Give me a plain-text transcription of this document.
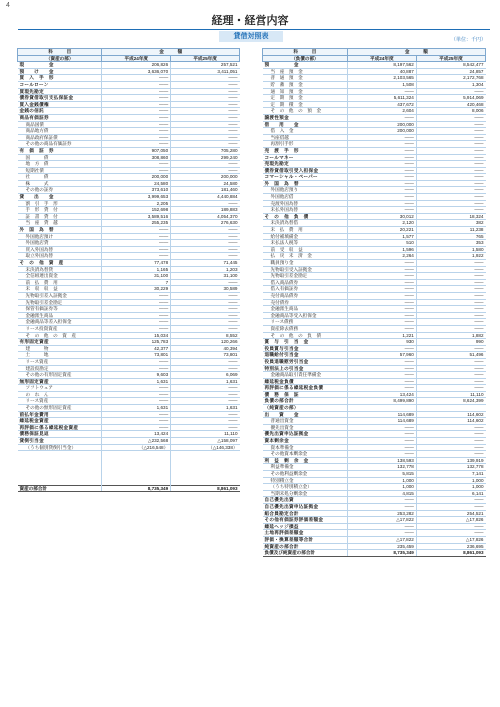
4
経理・経営内容
貸借対照表	（単位：千円）
科　　　目	金　　　額	
（資産の部）	平成24年度	平成25年度
現　　　　　金	206,826	257,521
預　　け　　金	3,636,070	3,411,051
買　入　手　形	――	――
コールローン	――	――
買現先勘定	――	――
債券貸借取引支払保証金	――	――
買入金銭債権	――	――
金銭の信託	――	――
商品有価証券	――	――
商品国債	――	――
商品地方債	――	――
商品政府保証債	――	――
その他の商品有価証券	――	――
有　価　証　券	907,050	705,280
国　　　債	308,860	299,240
地　方　債	――	――
短期社債	――	――
社　　　債	200,000	200,000
株　　　式	24,580	24,580
その他の証券	373,610	181,460
貸　　出　　金	3,999,653	4,440,884
割　引　手　形	2,205	――
手　形　貸　付	152,698	189,883
証　書　貸　付	3,589,516	4,054,370
当　座　貸　越	255,235	276,630
外　国　為　替	――	――
外国他店預け	――	――
外国他店貸	――	――
買入外国為替	――	――
取立外国為替	――	――
そ　の　他　資　産	77,478	71,445
未決済為替貸	1,165	1,203
全信組連出資金	31,100	31,100
前　払　費　用	7	――
未　収　収　益	30,229	30,589
先物取引差入証拠金	――	――
先物取引差金勘定	――	――
保管有価証券等	――	――
金融派生商品	――	――
金融商品等差入担保金	――	――
リース投資資産	――	――
そ　の　他　の　資　産	15,034	8,552
有形固定資産	125,783	120,266
建　　　物	42,377	40,394
土　　　地	73,801	73,801
リース資産	――	――
建設仮勘定	――	――
その他の有形固定資産	9,603	6,069
無形固定資産	1,631	1,631
ソフトウェア	――	――
の　れ　ん	――	――
リース資産	――	――
その他の無形固定資産	1,631	1,631
前払年金費用	――	――
繰延税金資産	――	――
再評価に係る繰延税金資産	――	――
債務保証見返	13,424	11,110
貸倒引当金	△232,568	△158,097
（うち個別貸倒引当金）	（△216,548）	（△146,338）

資産の部合計	8,735,349	8,861,093
科　　　目	金　　　額	
（負債の部）	平成24年度	平成25年度
預　　　　　金	8,197,562	8,542,477
当　座　預　金	40,887	24,857
普　通　預　金	2,103,565	2,172,768
貯　蓄　預　金	1,508	1,304
通　知　預　金	――	――
定　期　預　金	5,611,324	5,914,069
定　期　積　金	437,672	420,468
そ　の　他　の　預　金	2,604	8,006
譲渡性預金	――	――
借　　用　　金	200,000	――
借　入　金	200,000	――
当座借越	――	――
再割引手形	――	――
売　渡　手　形	――	――
コールマネー	――	――
売現先勘定	――	――
債券貸借取引受入担保金	――	――
コマーシャル・ペーパー	――	――
外　国　為　替	――	――
外国他店預り	――	――
外国他店借	――	――
売渡外国為替	――	――
未払外国為替	――	――
そ　の　他　負　債	30,012	18,324
未決済為替借	2,120	382
未　払　費　用	20,221	11,238
給付補填備金	1,577	765
未払法人税等	510	353
前　受　収　益	1,596	1,580
払　戻　未　済　金	2,264	1,922
職員預り金	――	――
先物取引受入証拠金	――	――
先物取引差金勘定	――	――
借入商品債券	――	――
借入有価証券	――	――
売付商品債券	――	――
売付債券	――	――
金融派生商品	――	――
金融商品等受入担保金	――	――
リース債務	――	――
資産除去債務	――	――
そ　の　他　の　負　債	1,221	1,882
賞　与　引　当　金	930	990
役員賞与引当金	――	――
退職給付引当金	57,960	51,496
役員退職慰労引当金	――	――
特別法上の引当金	――	――
金融商品取引責任準備金	――	――
繰延税金負債	――	――
再評価に係る繰延税金負債	――	――
債　務　保　証	13,424	11,110
負債の部合計	8,499,890	8,624,399
（純資産の部）		
出　　資　　金	114,689	114,602
普通出資金	114,689	114,602
優先出資金	――	――
優先出資申込証拠金	――	――
資本剰余金	――	――
資本準備金	――	――
その他資本剰余金	――	――
利　益　剰　余　金	138,593	139,919
利益準備金	132,778	132,778
その他利益剰余金	5,815	7,141
特別積立金	1,000	1,000
（うち特別積立金）	1,000	1,000
当期未処分剰余金	4,815	6,141
自己優先出資	――	――
自己優先出資申込証拠金	――	――
組合員勘定合計	253,282	254,521
その他有価証券評価差額金	△17,822	△17,826
繰延ヘッジ損益	――	――
土地再評価差額金	――	――
評価・換算差額等合計	△17,822	△17,826
純資産の部合計	235,459	236,695
負債及び純資産の部合計	8,735,349	8,861,093
